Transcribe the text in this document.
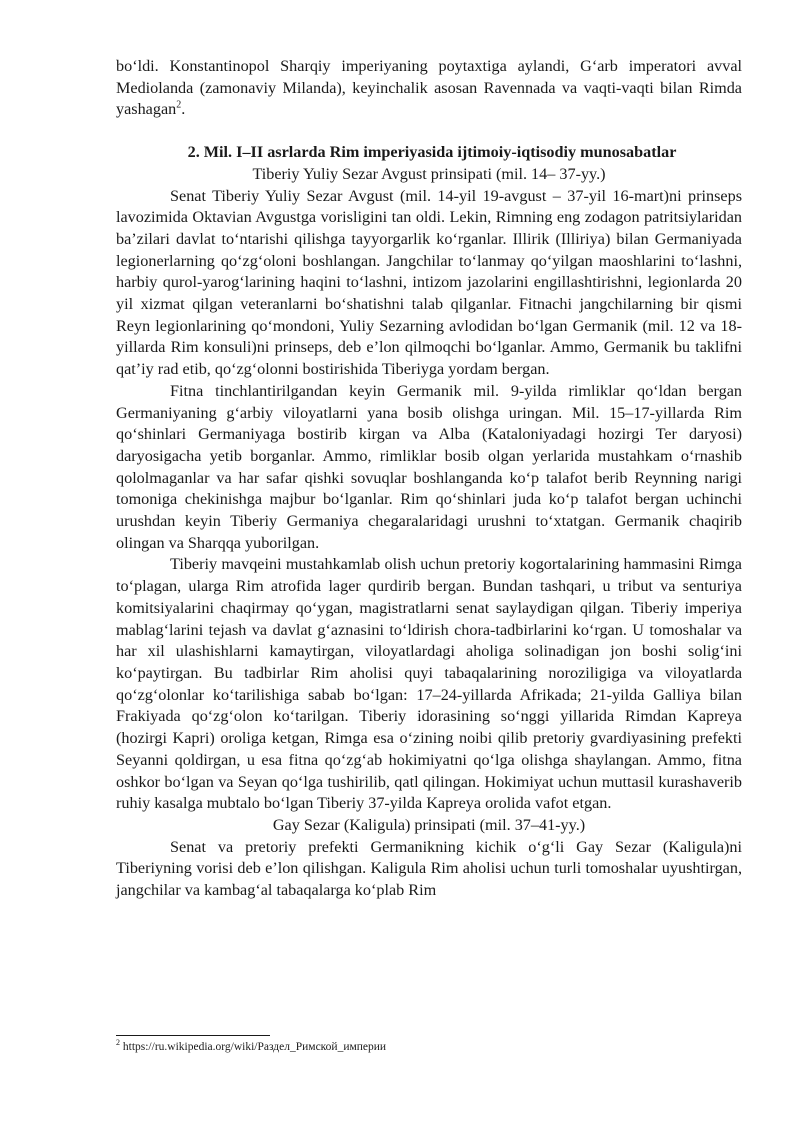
bo‘ldi. Konstantinopol Sharqiy imperiyaning poytaxtiga aylandi, G‘arb imperatori avval Mediolanda (zamonaviy Milanda), keyinchalik asosan Ravennada va vaqti-vaqti bilan Rimda yashagan$^2$.

2. Mil. I–II asrlarda Rim imperiyasida ijtimoiy-iqtisodiy munosabatlar

Tiberiy Yuliy Sezar Avgust prinsipati (mil. 14– 37-yy.)

Senat Tiberiy Yuliy Sezar Avgust (mil. 14-yil 19-avgust – 37-yil 16-mart)ni prinseps lavozimida Oktavian Avgustga vorisligini tan oldi. Lekin, Rimning eng zodagon patritsiylaridan ba’zilari davlat to‘ntarishi qilishga tayyorgarlik ko‘rganlar. Illirik (Illiriya) bilan Germaniyada legionerlarning qo‘zg‘oloni boshlangan. Jangchilar to‘lanmay qo‘yilgan maoshlarini to‘lashni, harbiy qurol-yarog‘larining haqini to‘lashni, intizom jazolarini engillashtirishni, legionlarda 20 yil xizmat qilgan veteranlarni bo‘shatishni talab qilganlar. Fitnachi jangchilarning bir qismi Reyn legionlarining qo‘mondoni, Yuliy Sezarning avlodidan bo‘lgan Germanik (mil. 12 va 18-yillarda Rim konsuli)ni prinseps, deb e’lon qilmoqchi bo‘lganlar. Ammo, Germanik bu taklifni qat’iy rad etib, qo‘zg‘olonni bostirishida Tiberiyga yordam bergan.

Fitna tinchlantirilgandan keyin Germanik mil. 9-yilda rimliklar qo‘ldan bergan Germaniyaning g‘arbiy viloyatlarni yana bosib olishga uringan. Mil. 15–17-yillarda Rim qo‘shinlari Germaniyaga bostirib kirgan va Alba (Kataloniyadagi hozirgi Ter daryosi) daryosigacha yetib borganlar. Ammo, rimliklar bosib olgan yerlarida mustahkam o‘rnashib qololmaganlar va har safar qishki sovuqlar boshlanganda ko‘p talafot berib Reynning narigi tomoniga chekinishga majbur bo‘lganlar. Rim qo‘shinlari juda ko‘p talafot bergan uchinchi urushdan keyin Tiberiy Germaniya chegaralaridagi urushni to‘xtatgan. Germanik chaqirib olingan va Sharqqa yuborilgan.

Tiberiy mavqeini mustahkamlab olish uchun pretoriy kogortalarining hammasini Rimga to‘plagan, ularga Rim atrofida lager qurdirib bergan. Bundan tashqari, u tribut va senturiya komitsiyalarini chaqirmay qo‘ygan, magistratlarni senat saylaydigan qilgan. Tiberiy imperiya mablag‘larini tejash va davlat g‘aznasini to‘ldirish chora-tadbirlarini ko‘rgan. U tomoshalar va har xil ulashishlarni kamaytirgan, viloyatlardagi aholiga solinadigan jon boshi solig‘ini ko‘paytirgan. Bu tadbirlar Rim aholisi quyi tabaqalarining noroziligiga va viloyatlarda qo‘zg‘olonlar ko‘tarilishiga sabab bo‘lgan: 17–24-yillarda Afrikada; 21-yilda Galliya bilan Frakiyada qo‘zg‘olon ko‘tarilgan. Tiberiy idorasining so‘nggi yillarida Rimdan Kapreya (hozirgi Kapri) oroliga ketgan, Rimga esa o‘zining noibi qilib pretoriy gvardiyasining prefekti Seyanni qoldirgan, u esa fitna qo‘zg‘ab hokimiyatni qo‘lga olishga shaylangan. Ammo, fitna oshkor bo‘lgan va Seyan qo‘lga tushirilib, qatl qilingan. Hokimiyat uchun muttasil kurashaverib ruhiy kasalga mubtalo bo‘lgan Tiberiy 37-yilda Kapreya orolida vafot etgan.

Gay Sezar (Kaligula) prinsipati (mil. 37–41-yy.)

Senat va pretoriy prefekti Germanikning kichik o‘g‘li Gay Sezar (Kaligula)ni Tiberiyning vorisi deb e’lon qilishgan. Kaligula Rim aholisi uchun turli tomoshalar uyushtirgan, jangchilar va kambag‘al tabaqalarga ko‘plab Rim

$^2$ https://ru.wikipedia.org/wiki/Раздел_Римской_империи
